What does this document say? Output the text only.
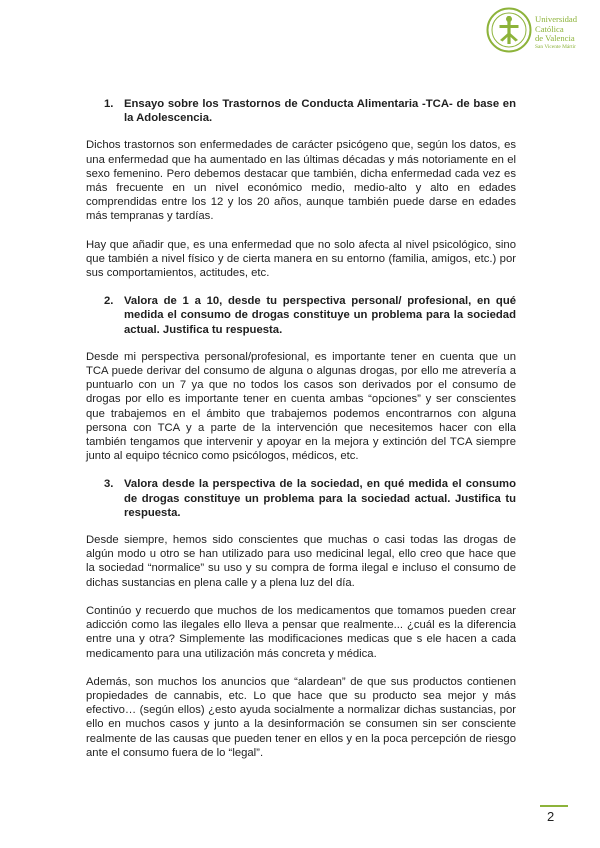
Universidad
Católica
de Valencia
San Vicente Mártir
1. Ensayo sobre los Trastornos de Conducta Alimentaria -TCA- de base en la Adolescencia.

Dichos trastornos son enfermedades de carácter psicógeno que, según los datos, es una enfermedad que ha aumentado en las últimas décadas y más notoriamente en el sexo femenino. Pero debemos destacar que también, dicha enfermedad cada vez es más frecuente en un nivel económico medio, medio-alto y alto en edades comprendidas entre los 12 y los 20 años, aunque también puede darse en edades más tempranas y tardías.

Hay que añadir que, es una enfermedad que no solo afecta al nivel psicológico, sino que también a nivel físico y de cierta manera en su entorno (familia, amigos, etc.) por sus comportamientos, actitudes, etc.

2. Valora de 1 a 10, desde tu perspectiva personal/ profesional, en qué medida el consumo de drogas constituye un problema para la sociedad actual. Justifica tu respuesta.

Desde mi perspectiva personal/profesional, es importante tener en cuenta que un TCA puede derivar del consumo de alguna o algunas drogas, por ello me atrevería a puntuarlo con un 7 ya que no todos los casos son derivados por el consumo de drogas por ello es importante tener en cuenta ambas “opciones” y ser conscientes que trabajemos en el ámbito que trabajemos podemos encontrarnos con alguna persona con TCA y a parte de la intervención que necesitemos hacer con ella también tengamos que intervenir y apoyar en la mejora y extinción del TCA siempre junto al equipo técnico como psicólogos, médicos, etc.

3. Valora desde la perspectiva de la sociedad, en qué medida el consumo de drogas constituye un problema para la sociedad actual. Justifica tu respuesta.

Desde siempre, hemos sido conscientes que muchas o casi todas las drogas de algún modo u otro se han utilizado para uso medicinal legal, ello creo que hace que la sociedad “normalice” su uso y su compra de forma ilegal e incluso el consumo de dichas sustancias en plena calle y a plena luz del día.

Continúo y recuerdo que muchos de los medicamentos que tomamos pueden crear adicción como las ilegales ello lleva a pensar que realmente... ¿cuál es la diferencia entre una y otra? Simplemente las modificaciones medicas que s ele hacen a cada medicamento para una utilización más concreta y médica.

Además, son muchos los anuncios que “alardean” de que sus productos contienen propiedades de cannabis, etc. Lo que hace que su producto sea mejor y más efectivo… (según ellos) ¿esto ayuda socialmente a normalizar dichas sustancias, por ello en muchos casos y junto a la desinformación se consumen sin ser consciente realmente de las causas que pueden tener en ellos y en la poca percepción de riesgo ante el consumo fuera de lo “legal”.

2
